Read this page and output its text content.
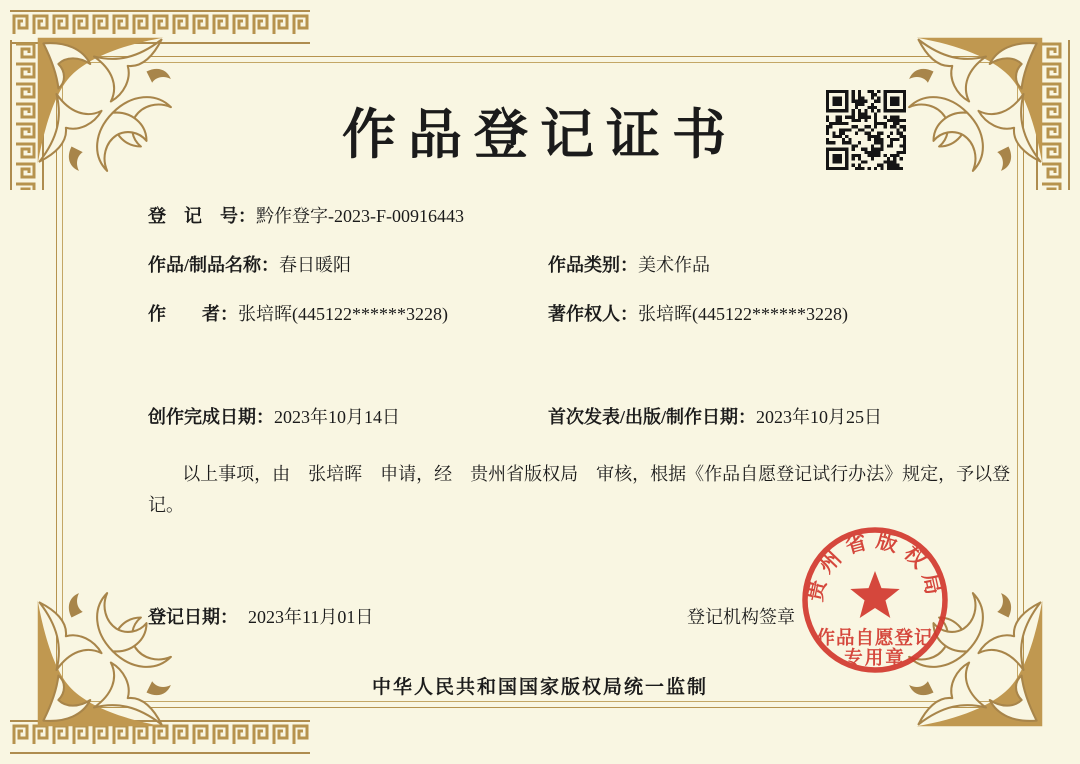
作品登记证书
登　记　号：黔作登字-2023-F-00916443
作品/制品名称：春日暖阳	作品类别：美术作品
作　　者：张培晖(445122******3228)	著作权人：张培晖(445122******3228)
创作完成日期：2023年10月14日	首次发表/出版/制作日期：2023年10月25日

以上事项，由　张培晖　申请，经　贵州省版权局　审核，根据《作品自愿登记试行办法》规定，予以登记。

登记日期： 2023年11月01日	登记机构签章
贵州省版权局
作品自愿登记
专用章
中华人民共和国国家版权局统一监制
